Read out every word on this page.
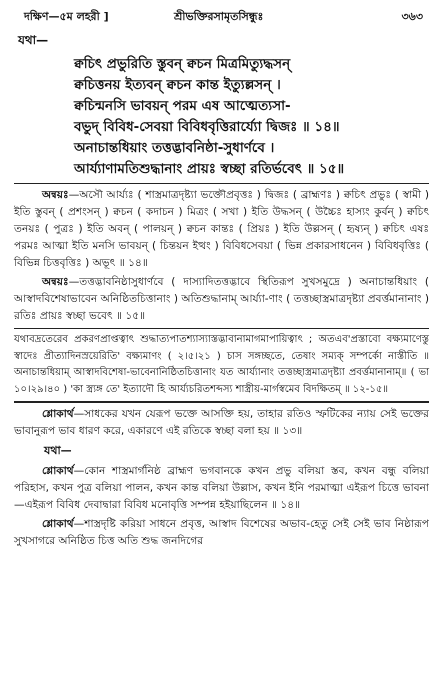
দক্ষিণ—৫ম লহরী ]	শ্রীভক্তিরসামৃতসিন্ধুঃ	৩৬৩
যথা—
ক্বচিৎ প্রভুরিতি স্তুবন্ ক্বচন মিত্রমিত্যুদ্ধসন্
ক্বচিত্তনয় ইত্যবন্ ক্বচন কান্ত ইত্যুল্লসন্ ।
ক্বচিন্মনসি ভাবয়ন্ পরম এষ আত্মেত্যসা-
বভুদ্ বিবিধ-সেবয়া বিবিধবৃত্তিরার্য্যো দ্বিজঃ ॥ ১৪॥
অনাচান্তধিয়াং তত্তদ্ভাবনিষ্ঠা-সুধার্ণবে ।
আর্য্যাণামতিশুদ্ধানাং প্রায়ঃ স্বচ্ছা রতির্ভবেৎ ॥ ১৫॥

অন্বয়ঃ—অসৌ আর্য্যঃ ( শাস্ত্রমাত্রদৃষ্ট্যা ভক্তৌপ্রবৃত্তঃ ) দ্বিজঃ ( ব্রাহ্মণঃ ) ক্বচিৎ প্রভুঃ ( স্বামী ) ইতি স্তুবন্ ( প্রশংসন্ ) ক্বচন ( কদাচন ) মিত্রং ( সখা ) ইতি উদ্ধসন্ ( উচ্চৈঃ হাস্যং কুর্বন্ ) ক্বচিৎ তনয়ঃ ( পুত্রঃ ) ইতি অবন্ ( পালয়ন্ ) ক্বচন কান্তঃ ( প্রিয়ঃ ) ইতি উল্লসন্ ( হৃষ্যন্ ) ক্বচিৎ এষঃ পরমঃ আত্মা ইতি মনসি ভাবয়ন্ ( চিন্তয়ন ইত্থং ) বিবিধসেবয়া ( ভিন্ন প্রকারসাধনেন ) বিবিধবৃত্তিঃ ( বিভিন্ন চিত্তবৃত্তিঃ ) অভূৎ ॥ ১৪॥

অন্বয়ঃ—তত্তদ্ভাবনিষ্ঠাসুধার্ণবে ( দাস্যাদিতত্তদ্ভাবে স্থিতিরূপ সুখসমুদ্রে ) অনাচান্তধিয়াং ( আস্বাদবিশেষাভাবেন অনিষ্ঠিতচিত্তানাং ) অতিশুদ্ধানাম্ আর্য্যা-ণাং ( তত্তচ্ছাস্ত্রমাত্রদৃষ্ট্যা প্রবর্ত্তমানানাং ) রতিঃ প্রায়ঃ স্বচ্ছা ভবেৎ ॥ ১৫॥

যথাবদ্রতেরেব প্রকরণপ্রাপ্তত্বাৎ শুদ্ধাত্যপাতশ্যাস্যাস্তদ্ভাবানামাগমাপায়িত্বাৎ ; অতএব'প্রস্তাবো বক্ষ্যমাণেস্তু স্বাদেঃ প্রীত্যাদিনস্রয়েরিতি' বক্ষ্যমাণং ( ২।৫।২১ ) চাস সঙ্গচ্ছতে, তেষাং সম্যক্ সম্পর্কো নাস্তীতি ॥ অনাচান্তধিয়াম্ আস্বাদবিশেষা-ভাবেনানিষ্ঠিতচিত্তানাং যত আর্য্যানাং তত্তচ্ছাস্ত্রমাত্রদৃষ্ট্যা প্রবর্ত্তমানানাম্॥ ( ভা ১০।২৯।৪০ ) 'কা স্ত্র্যঙ্গ তে' ইত্যাদৌ হি আর্য্যচরিতশব্দস্য শাস্ত্রীয়-মার্গস্বমেব বিদক্ষিতম্ ॥ ১২-১৫॥

শ্লোকার্থ—সাধকের যখন যেরূপ ভক্তে আসক্তি হয়, তাহার রতিও স্ফটিকের ন্যায় সেই ভক্তের ভাবানুরূপ ভাব ধারণ করে, একারণে এই রতিকে স্বচ্ছা বলা হয় ॥ ১৩॥

যথা—

শ্লোকার্থ—কোন শাস্ত্রমার্গনিষ্ঠ ব্রাহ্মণ ভগবানকে কখন প্রভু বলিয়া স্তব, কখন বন্ধু বলিয়া পরিহাস, কখন পুত্র বলিয়া পালন, কখন কান্ত বলিয়া উল্লাস, কখন ইনি পরমাত্মা এইরূপ চিত্তে ভাবনা—এইরূপ বিবিধ দেবাদ্বারা বিবিধ মনোবৃত্তি সম্পন্ন হইয়াছিলেন ॥ ১৪॥

শ্লোকার্থ—শাস্ত্রদৃষ্টি করিয়া সাধনে প্রবৃত্ত, আস্বাদ বিশেষের অভাব-হেতু সেই সেই ভাব নিষ্ঠারূপ সুখসাগরে অনিষ্ঠিত চিত্ত অতি শুদ্ধ জনদিগের
